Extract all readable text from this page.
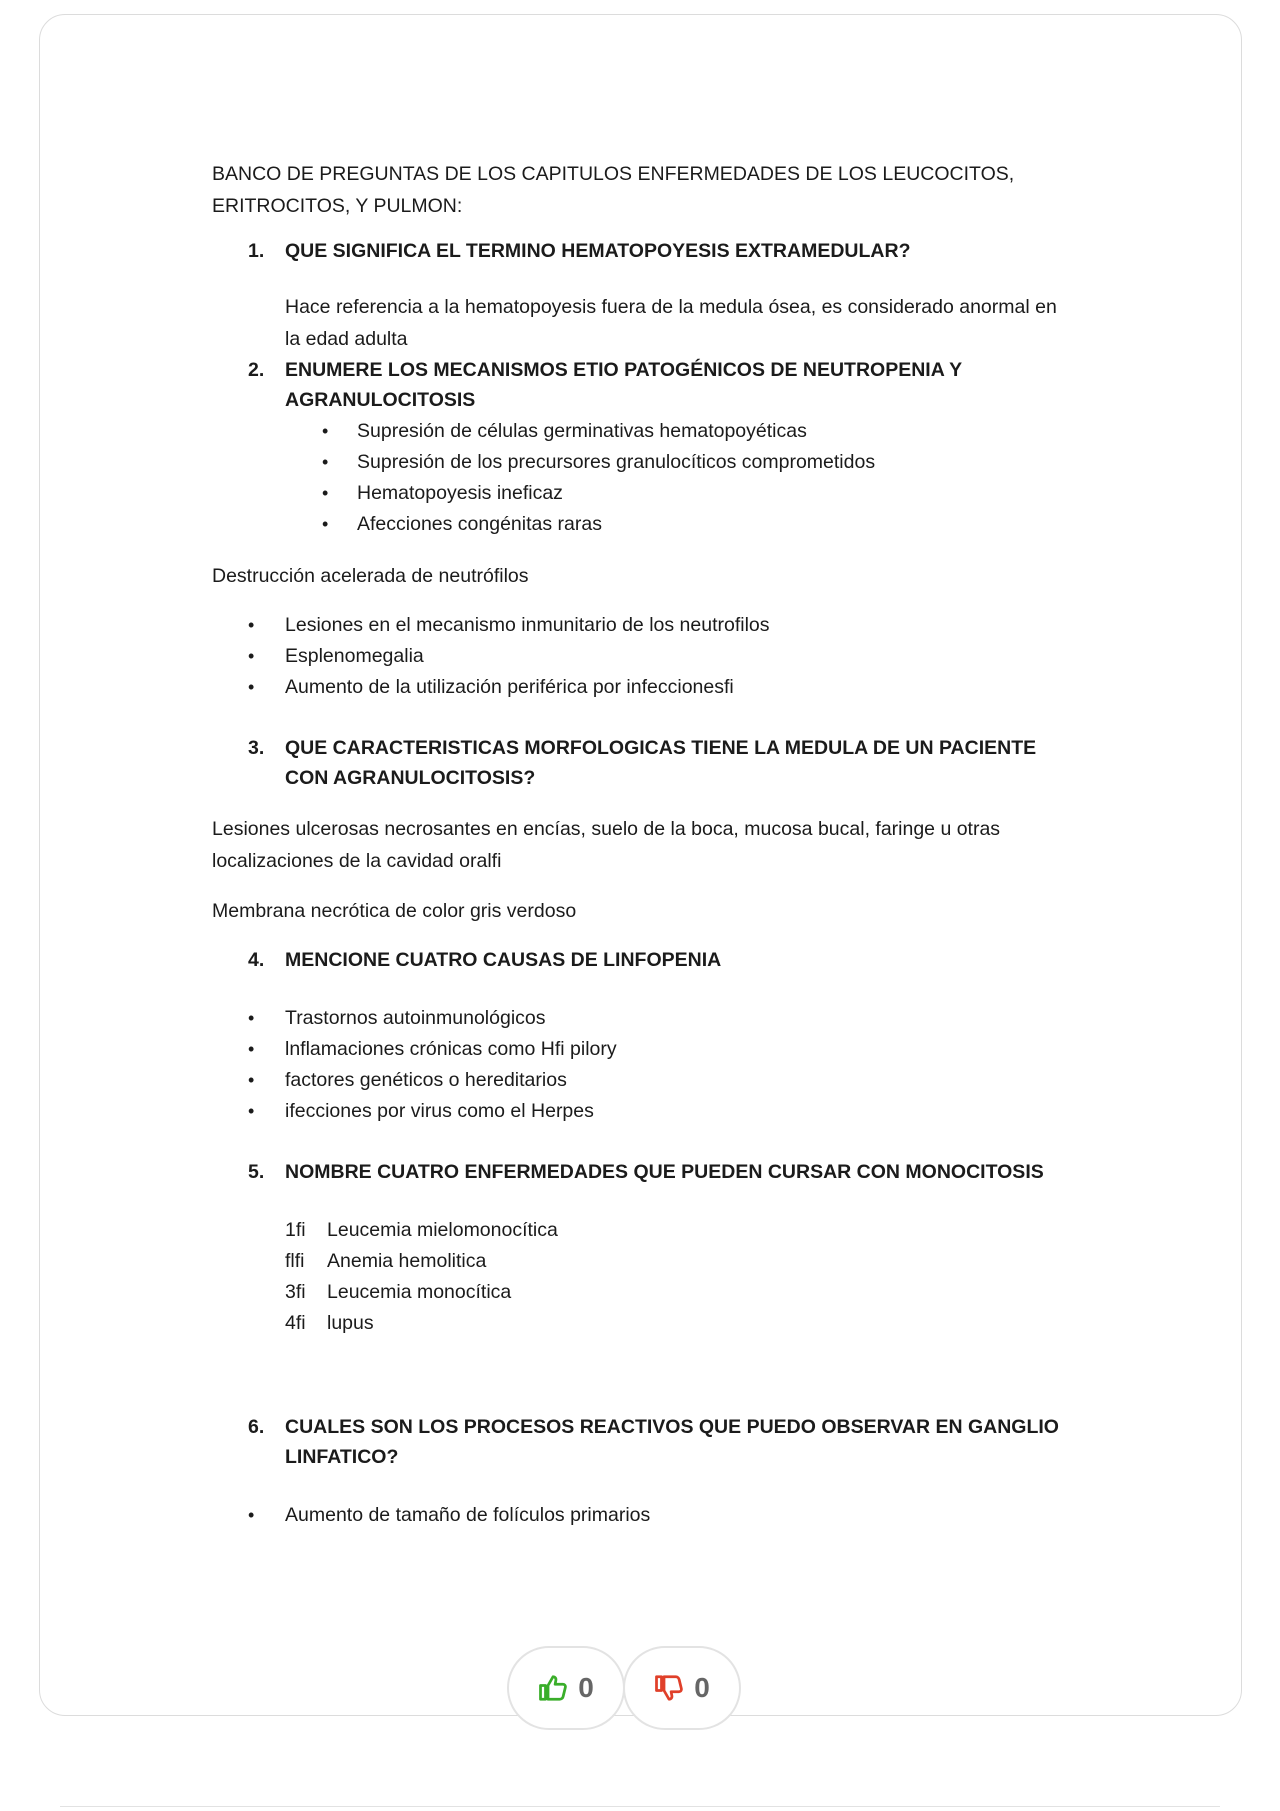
BANCO DE PREGUNTAS DE LOS CAPITULOS ENFERMEDADES DE LOS LEUCOCITOS, ERITROCITOS, Y PULMON:

1. QUE SIGNIFICA EL TERMINO HEMATOPOYESIS EXTRAMEDULAR?

Hace referencia a la hematopoyesis fuera de la medula ósea, es considerado anormal en la edad adulta

2. ENUMERE LOS MECANISMOS ETIO PATOGÉNICOS DE NEUTROPENIA Y AGRANULOCITOSIS
• Supresión de células germinativas hematopoyéticas
• Supresión de los precursores granulocíticos comprometidos
• Hematopoyesis ineficaz
• Afecciones congénitas raras

Destrucción acelerada de neutrófilos

• Lesiones en el mecanismo inmunitario de los neutrofilos
• Esplenomegalia
• Aumento de la utilización periférica por infeccionesfi
3. QUE CARACTERISTICAS MORFOLOGICAS TIENE LA MEDULA DE UN PACIENTE CON AGRANULOCITOSIS?

Lesiones ulcerosas necrosantes en encías, suelo de la boca, mucosa bucal, faringe u otras localizaciones de la cavidad oralfi

Membrana necrótica de color gris verdoso

4. MENCIONE CUATRO CAUSAS DE LINFOPENIA
• Trastornos autoinmunológicos
• lnflamaciones crónicas como Hfi pilory
• factores genéticos o hereditarios
• ifecciones por virus como el Herpes
5. NOMBRE CUATRO ENFERMEDADES QUE PUEDEN CURSAR CON MONOCITOSIS
1fi Leucemia mielomonocítica
flfi Anemia hemolitica
3fi Leucemia monocítica
4fi lupus
6. CUALES SON LOS PROCESOS REACTIVOS QUE PUEDO OBSERVAR EN GANGLIO LINFATICO?
• Aumento de tamaño de folículos primarios
0	0
